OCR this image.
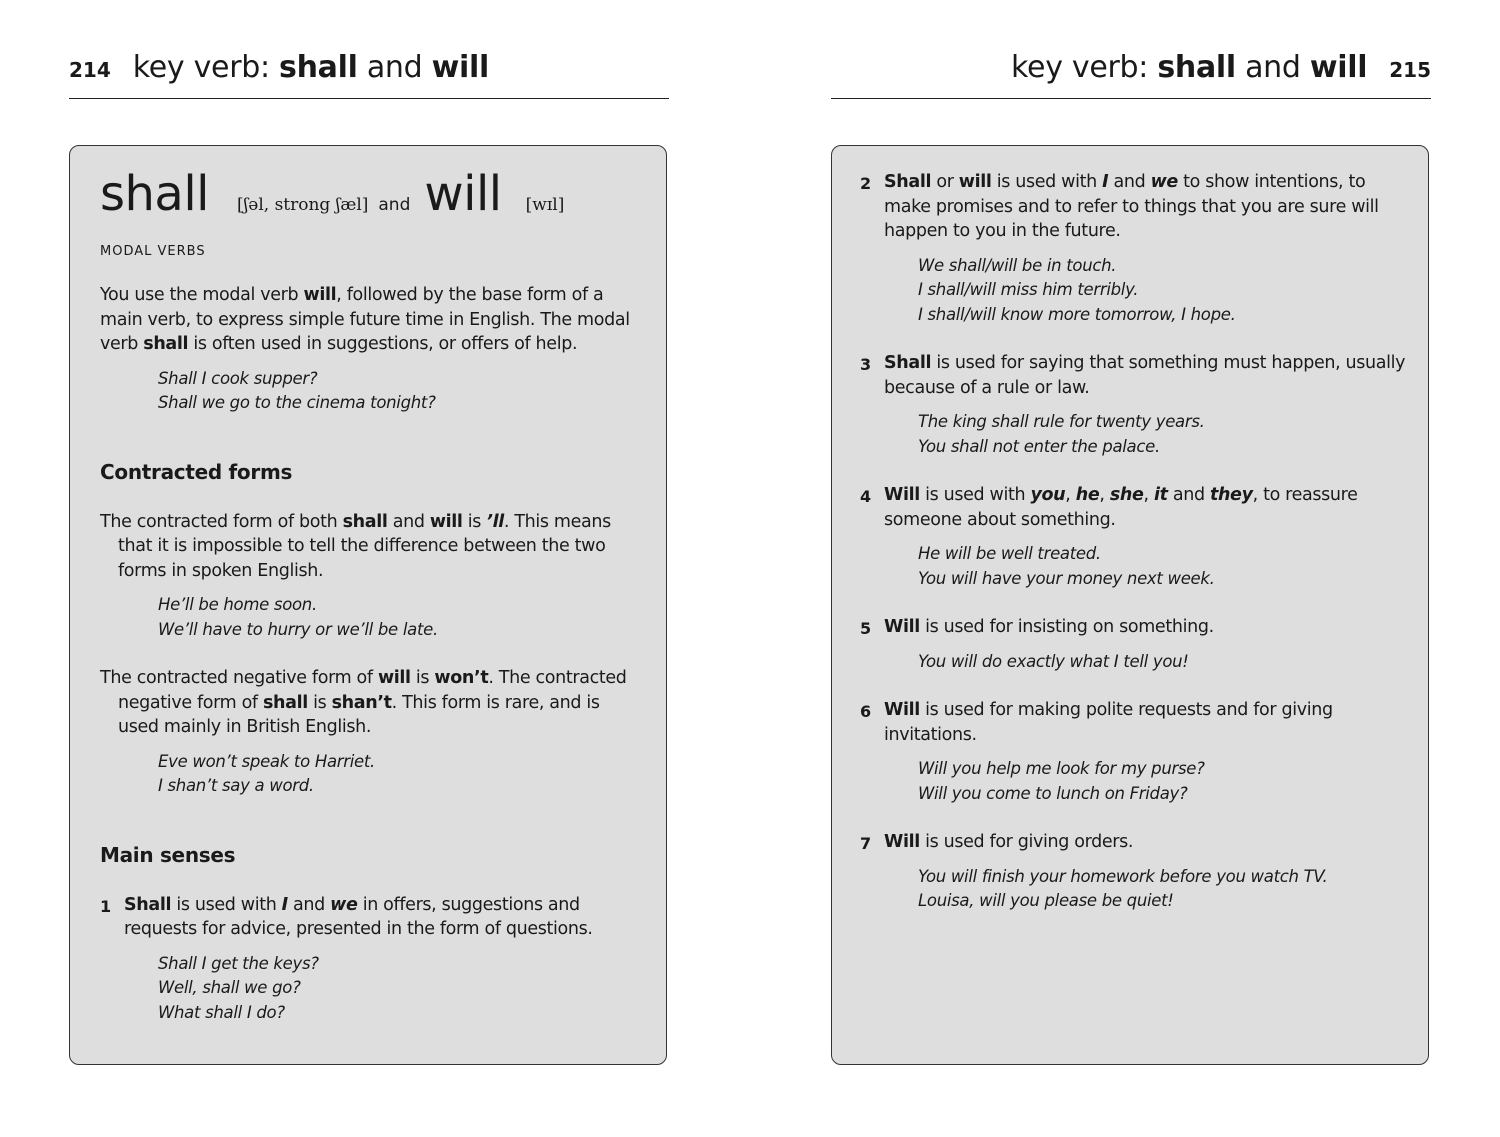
214 key verb: shall and will
shall [ʃəl, strong ʃæl] and will [wɪl]
MODAL VERBS

You use the modal verb will, followed by the base form of a main verb, to express simple future time in English. The modal verb shall is often used in suggestions, or offers of help.

Shall I cook supper?
Shall we go to the cinema tonight?
Contracted forms

The contracted form of both shall and will is ’ll. This means that it is impossible to tell the difference between the two forms in spoken English.

He’ll be home soon.
We’ll have to hurry or we’ll be late.

The contracted negative form of will is won’t. The contracted negative form of shall is shan’t. This form is rare, and is used mainly in British English.

Eve won’t speak to Harriet.
I shan’t say a word.
Main senses
1 Shall is used with I and we in offers, suggestions and requests for advice, presented in the form of questions.

Shall I get the keys?
Well, shall we go?
What shall I do?
key verb: shall and will 215
2 Shall or will is used with I and we to show intentions, to make promises and to refer to things that you are sure will happen to you in the future.

We shall/will be in touch.
I shall/will miss him terribly.
I shall/will know more tomorrow, I hope.
3 Shall is used for saying that something must happen, usually because of a rule or law.

The king shall rule for twenty years.
You shall not enter the palace.
4 Will is used with you, he, she, it and they, to reassure someone about something.

He will be well treated.
You will have your money next week.
5 Will is used for insisting on something.

You will do exactly what I tell you!
6 Will is used for making polite requests and for giving invitations.

Will you help me look for my purse?
Will you come to lunch on Friday?
7 Will is used for giving orders.

You will finish your homework before you watch TV.
Louisa, will you please be quiet!
